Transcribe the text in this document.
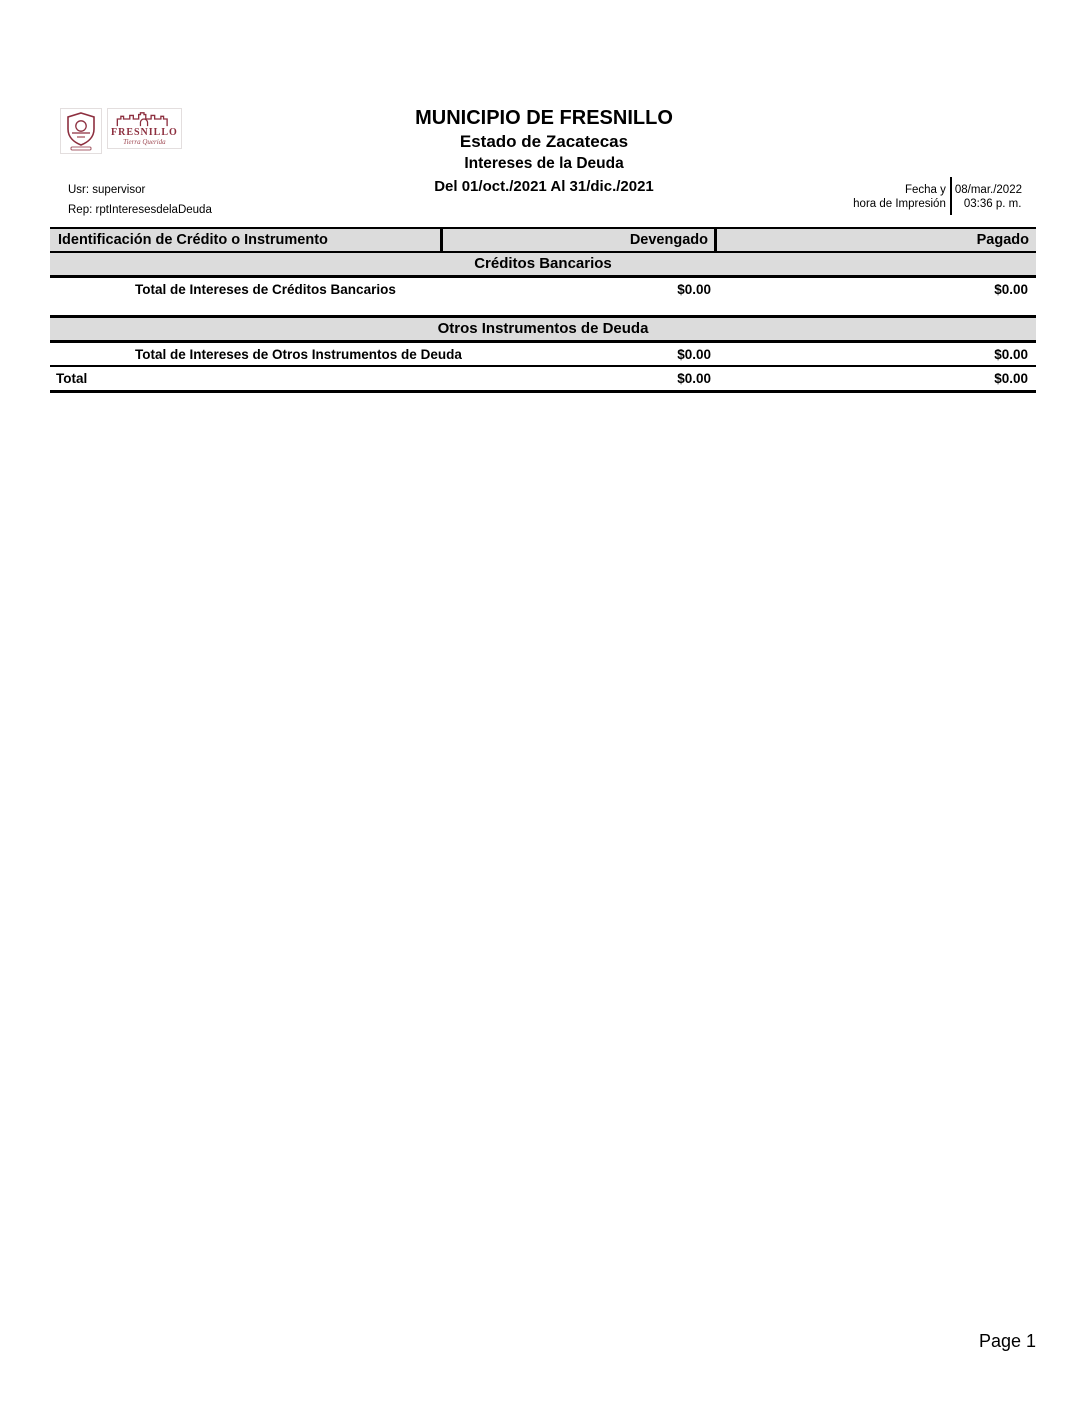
FRESNILLO
Tierra Querida
MUNICIPIO DE FRESNILLO
Estado de Zacatecas
Intereses de la Deuda
Del 01/oct./2021 Al 31/dic./2021
Usr: supervisor
Rep: rptInteresesdelaDeuda
Fecha y
hora de Impresión
08/mar./2022
03:36 p. m.
Identificación de Crédito o Instrumento	Devengado	Pagado
Créditos Bancarios
Total de Intereses de Créditos Bancarios	$0.00	$0.00
Otros Instrumentos de Deuda
Total de Intereses de Otros Instrumentos de Deuda	$0.00	$0.00
Total	$0.00	$0.00
Page 1
